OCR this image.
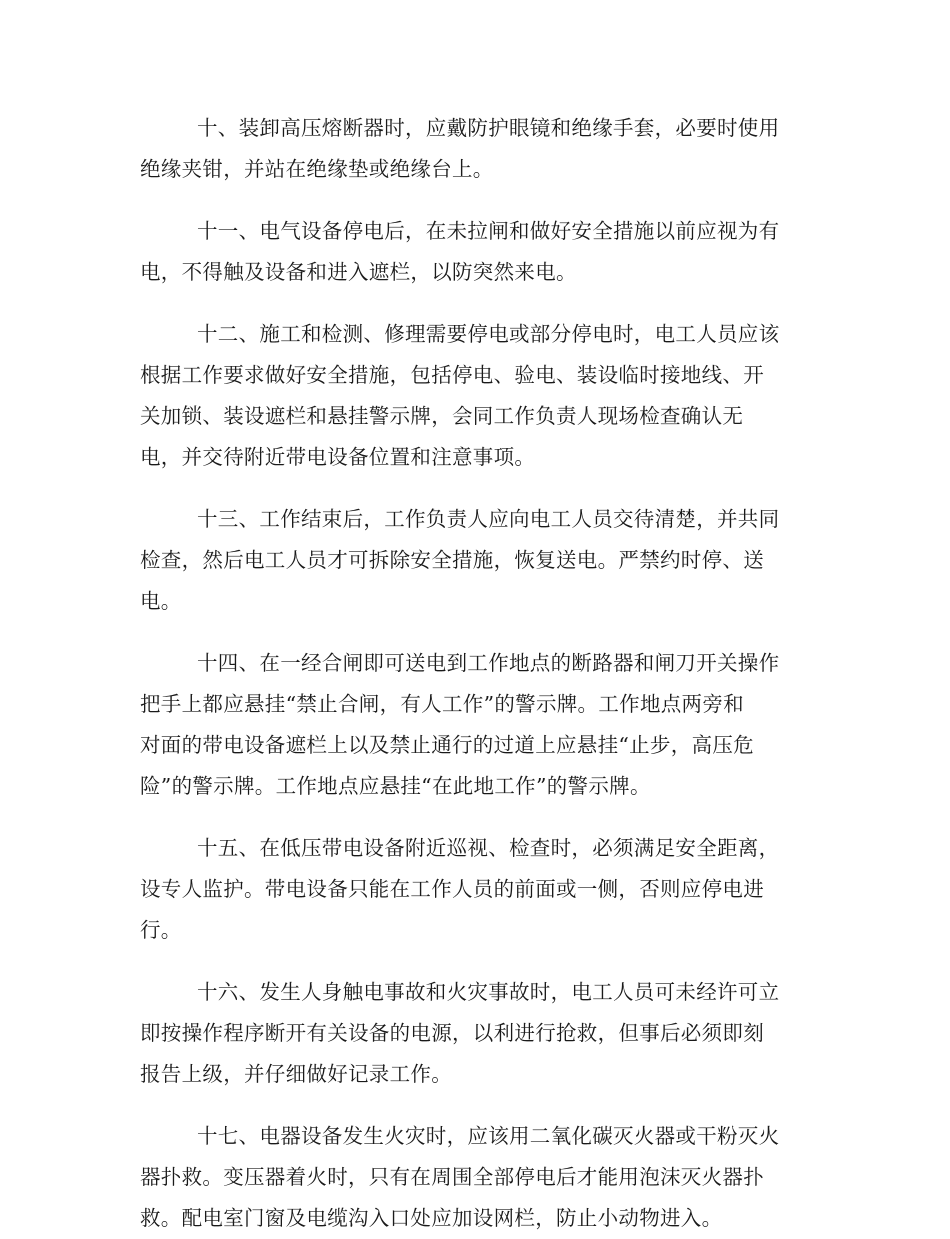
十、装卸高压熔断器时，应戴防护眼镜和绝缘手套，必要时使用
绝缘夹钳，并站在绝缘垫或绝缘台上。

十一、电气设备停电后，在未拉闸和做好安全措施以前应视为有
电，不得触及设备和进入遮栏，以防突然来电。

十二、施工和检测、修理需要停电或部分停电时，电工人员应该
根据工作要求做好安全措施，包括停电、验电、装设临时接地线、开
关加锁、装设遮栏和悬挂警示牌，会同工作负责人现场检查确认无
电，并交待附近带电设备位置和注意事项。

十三、工作结束后，工作负责人应向电工人员交待清楚，并共同
检查，然后电工人员才可拆除安全措施，恢复送电。严禁约时停、送
电。

十四、在一经合闸即可送电到工作地点的断路器和闸刀开关操作
把手上都应悬挂“禁止合闸，有人工作”的警示牌。工作地点两旁和
对面的带电设备遮栏上以及禁止通行的过道上应悬挂“止步，高压危
险”的警示牌。工作地点应悬挂“在此地工作”的警示牌。

十五、在低压带电设备附近巡视、检查时，必须满足安全距离，
设专人监护。带电设备只能在工作人员的前面或一侧，否则应停电进
行。

十六、发生人身触电事故和火灾事故时，电工人员可未经许可立
即按操作程序断开有关设备的电源，以利进行抢救，但事后必须即刻
报告上级，并仔细做好记录工作。

十七、电器设备发生火灾时，应该用二氧化碳灭火器或干粉灭火
器扑救。变压器着火时，只有在周围全部停电后才能用泡沫灭火器扑
救。配电室门窗及电缆沟入口处应加设网栏，防止小动物进入。
